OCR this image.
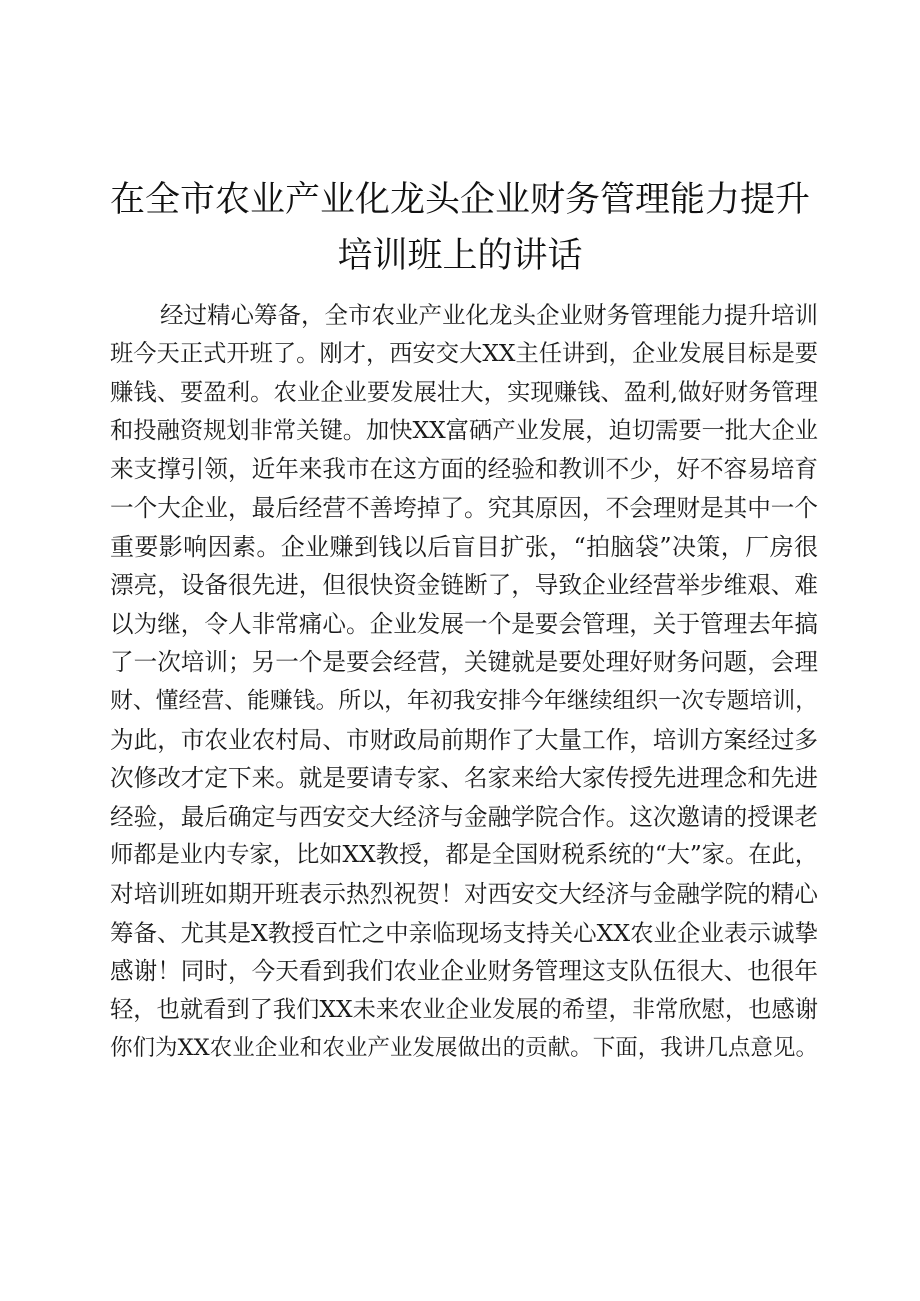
在全市农业产业化龙头企业财务管理能力提升
培训班上的讲话
经过精心筹备，全市农业产业化龙头企业财务管理能力提升培训
班今天正式开班了。刚才，西安交大XX主任讲到，企业发展目标是要
赚钱、要盈利。农业企业要发展壮大，实现赚钱、盈利,做好财务管理
和投融资规划非常关键。加快XX富硒产业发展，迫切需要一批大企业
来支撑引领，近年来我市在这方面的经验和教训不少，好不容易培育
一个大企业，最后经营不善垮掉了。究其原因，不会理财是其中一个
重要影响因素。企业赚到钱以后盲目扩张，“拍脑袋”决策，厂房很
漂亮，设备很先进，但很快资金链断了，导致企业经营举步维艰、难
以为继，令人非常痛心。企业发展一个是要会管理，关于管理去年搞
了一次培训；另一个是要会经营，关键就是要处理好财务问题，会理
财、懂经营、能赚钱。所以，年初我安排今年继续组织一次专题培训，
为此，市农业农村局、市财政局前期作了大量工作，培训方案经过多
次修改才定下来。就是要请专家、名家来给大家传授先进理念和先进
经验，最后确定与西安交大经济与金融学院合作。这次邀请的授课老
师都是业内专家，比如XX教授，都是全国财税系统的“大”家。在此，
对培训班如期开班表示热烈祝贺！对西安交大经济与金融学院的精心
筹备、尤其是X教授百忙之中亲临现场支持关心XX农业企业表示诚挚
感谢！同时，今天看到我们农业企业财务管理这支队伍很大、也很年
轻，也就看到了我们XX未来农业企业发展的希望，非常欣慰，也感谢
你们为XX农业企业和农业产业发展做出的贡献。下面，我讲几点意见。
